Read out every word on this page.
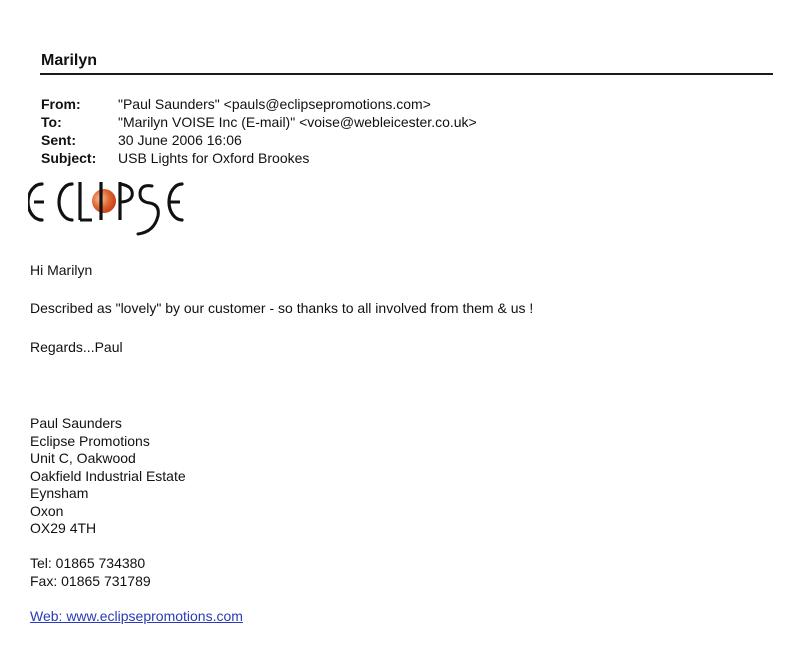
Marilyn
From:	"Paul Saunders" <pauls@eclipsepromotions.com>
To:	"Marilyn VOISE Inc (E-mail)" <voise@webleicester.co.uk>
Sent:	30 June 2006 16:06
Subject:	USB Lights for Oxford Brookes
Hi Marilyn
Described as "lovely" by our customer - so thanks to all involved from them & us !
Regards...Paul
Paul Saunders
Eclipse Promotions
Unit C, Oakwood
Oakfield Industrial Estate
Eynsham
Oxon
OX29 4TH
Tel: 01865 734380
Fax: 01865 731789
Web: www.eclipsepromotions.com
